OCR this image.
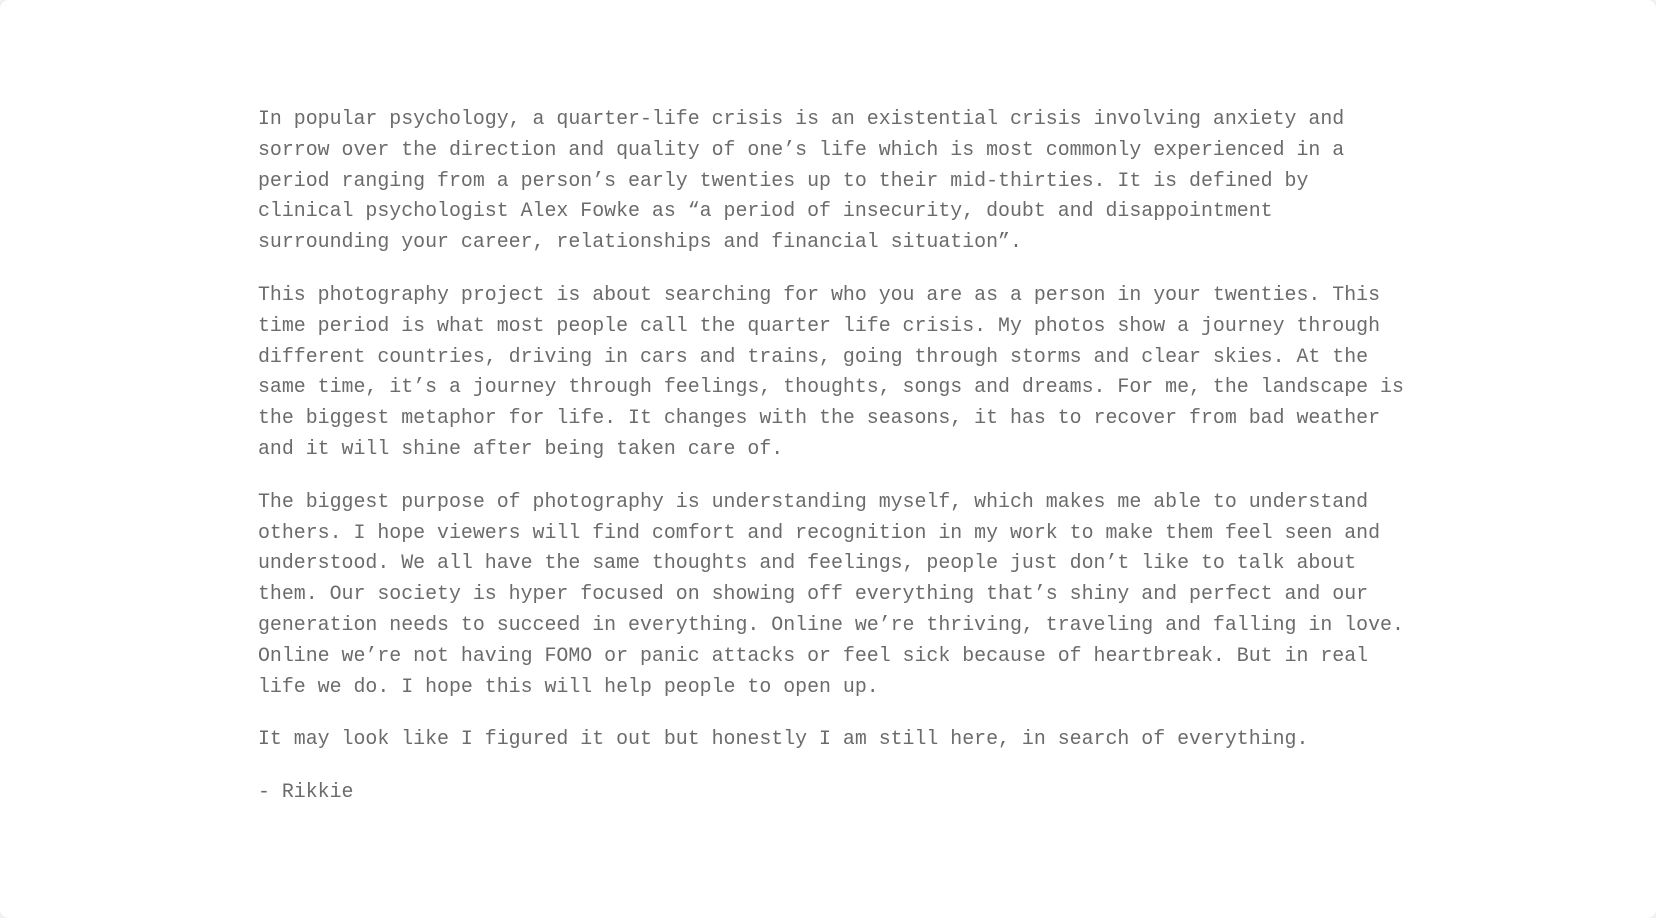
In popular psychology, a quarter-life crisis is an existential crisis involving anxiety and sorrow over the direction and quality of one’s life which is most commonly experienced in a period ranging from a person’s early twenties up to their mid-thirties. It is defined by clinical psychologist Alex Fowke as “a period of insecurity, doubt and disappointment surrounding your career, relationships and financial situation”.

This photography project is about searching for who you are as a person in your twenties. This time period is what most people call the quarter life crisis. My photos show a journey through different countries, driving in cars and trains, going through storms and clear skies. At the same time, it’s a journey through feelings, thoughts, songs and dreams. For me, the landscape is the biggest metaphor for life. It changes with the seasons, it has to recover from bad weather and it will shine after being taken care of.

The biggest purpose of photography is understanding myself, which makes me able to understand others. I hope viewers will find comfort and recognition in my work to make them feel seen and understood. We all have the same thoughts and feelings, people just don’t like to talk about them. Our society is hyper focused on showing off everything that’s shiny and perfect and our generation needs to succeed in everything. Online we’re thriving, traveling and falling in love. Online we’re not having FOMO or panic attacks or feel sick because of heartbreak. But in real life we do. I hope this will help people to open up.

It may look like I figured it out but honestly I am still here, in search of everything.

- Rikkie
